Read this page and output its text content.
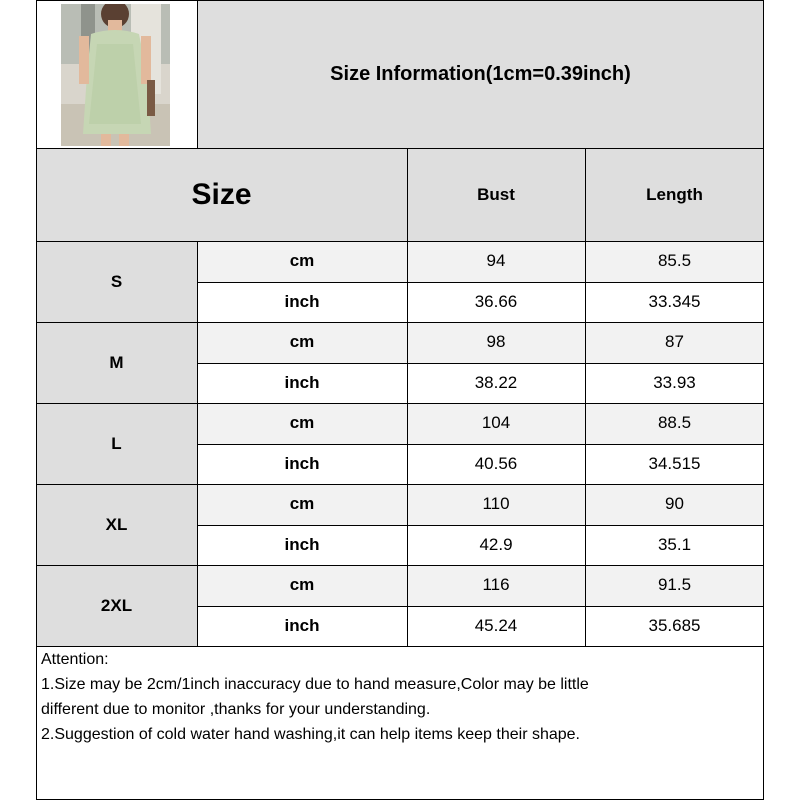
Size Information(1cm=0.39inch)
Size	Bust	Length
S
cm	94	85.5
inch	36.66	33.345
M
cm	98	87
inch	38.22	33.93
L
cm	104	88.5
inch	40.56	34.515
XL
cm	110	90
inch	42.9	35.1
2XL
cm	116	91.5
inch	45.24	35.685
Attention:
1.Size may be 2cm/1inch inaccuracy due to hand measure,Color may be little
different due to monitor ,thanks for your understanding.
2.Suggestion of cold water hand washing,it can help items keep their shape.
